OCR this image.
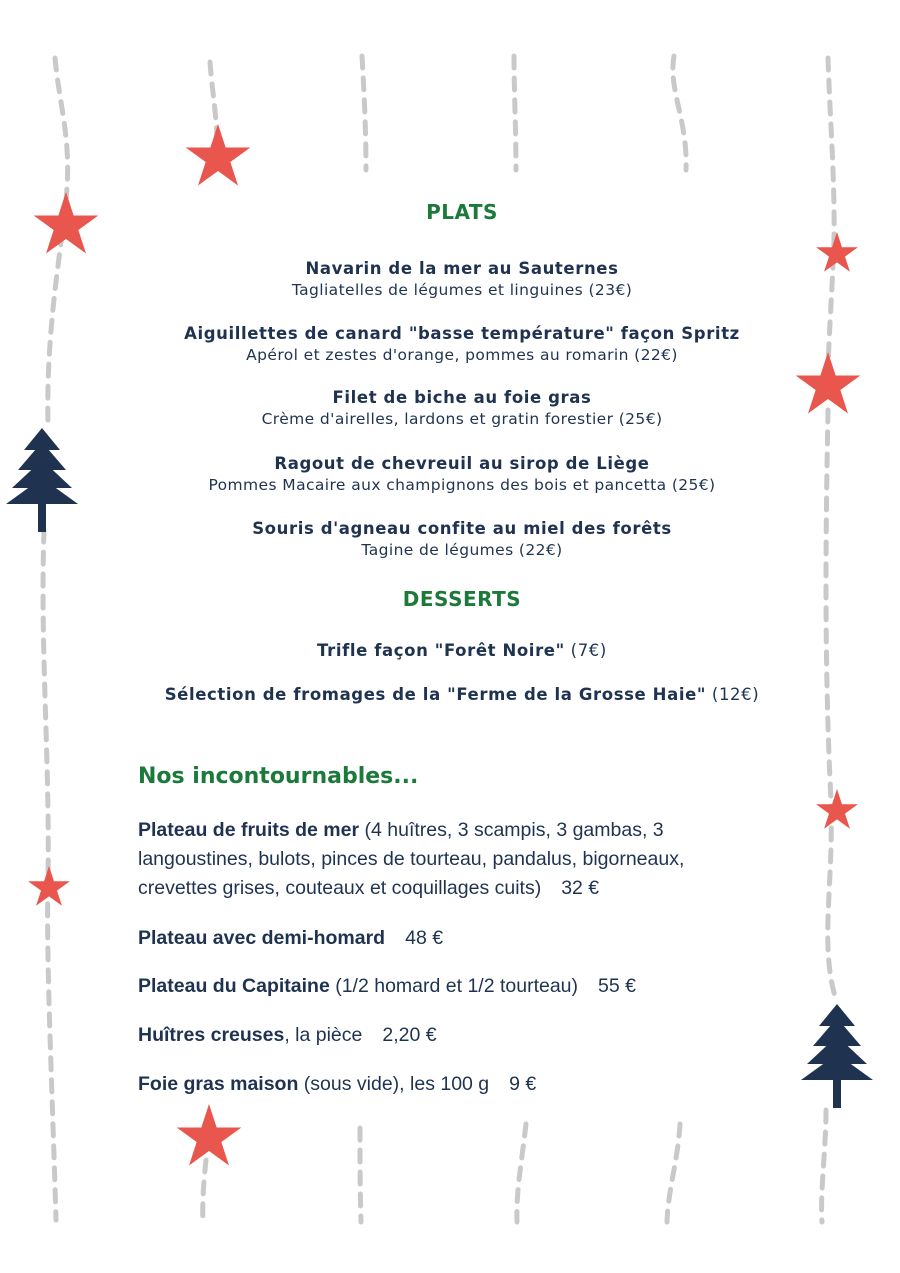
PLATS
Navarin de la mer au Sauternes
Tagliatelles de légumes et linguines (23€)
Aiguillettes de canard "basse température" façon Spritz
Apérol et zestes d'orange, pommes au romarin (22€)
Filet de biche au foie gras
Crème d'airelles, lardons et gratin forestier (25€)
Ragout de chevreuil au sirop de Liège
Pommes Macaire aux champignons des bois et pancetta (25€)
Souris d'agneau confite au miel des forêts
Tagine de légumes (22€)
DESSERTS
Trifle façon "Forêt Noire" (7€)
Sélection de fromages de la "Ferme de la Grosse Haie" (12€)
Nos incontournables...
Plateau de fruits de mer (4 huîtres, 3 scampis, 3 gambas, 3 langoustines, bulots, pinces de tourteau, pandalus, bigorneaux, crevettes grises, couteaux et coquillages cuits) 32 €
Plateau avec demi-homard 48 €
Plateau du Capitaine (1/2 homard et 1/2 tourteau) 55 €
Huîtres creuses, la pièce 2,20 €
Foie gras maison (sous vide), les 100 g 9 €
